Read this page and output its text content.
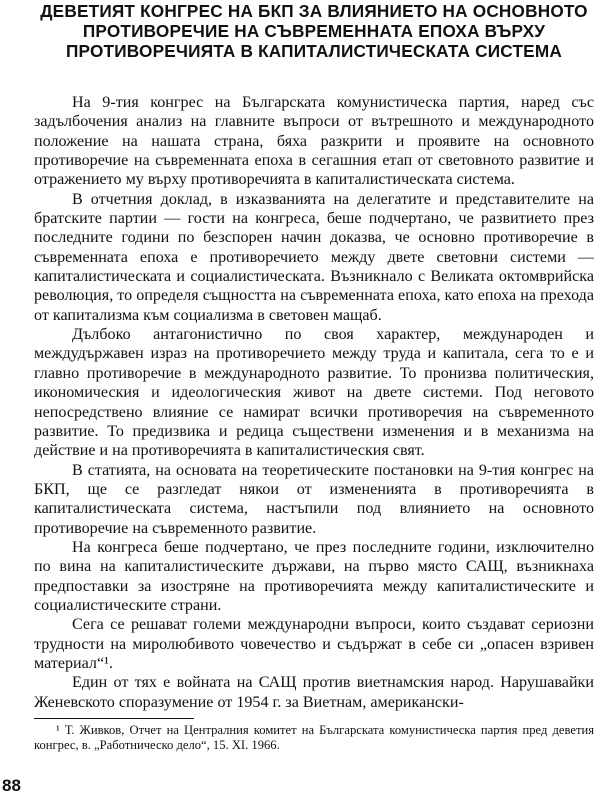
ДЕВЕТИЯТ КОНГРЕС НА БКП ЗА ВЛИЯНИЕТО НА ОСНОВНОТО
ПРОТИВОРЕЧИЕ НА СЪВРЕМЕННАТА ЕПОХА ВЪРХУ
ПРОТИВОРЕЧИЯТА В КАПИТАЛИСТИЧЕСКАТА СИСТЕМА

На 9-тия конгрес на Българската комунистическа партия, наред със задълбочения анализ на главните въпроси от вътрешното и международното положение на нашата страна, бяха разкрити и проявите на основното противоречие на съвременната епоха в сегашния етап от световното развитие и отражението му върху противоречията в капиталистическата система.

В отчетния доклад, в изказванията на делегатите и представителите на братските партии — гости на конгреса, беше подчертано, че развитието през последните години по безспорен начин доказва, че основно противоречие в съвременната епоха е противоречието между двете световни системи — капиталистическата и социалистическата. Възникнало с Великата октомврийска революция, то определя същността на съвременната епоха, като епоха на прехода от капитализма към социализма в световен мащаб.

Дълбоко антагонистично по своя характер, международен и междудържавен израз на противоречието между труда и капитала, сега то е и главно противоречие в международното развитие. То пронизва политическия, икономическия и идеологическия живот на двете системи. Под неговото непосредствено влияние се намират всички противоречия на съвременното развитие. То предизвика и редица съществени изменения и в механизма на действие и на противоречията в капиталистическия свят.

В статията, на основата на теоретическите постановки на 9-тия конгрес на БКП, ще се разгледат някои от измененията в противоречията в капиталистическата система, настъпили под влиянието на основното противоречие на съвременното развитие.

На конгреса беше подчертано, че през последните години, изключително по вина на капиталистическите държави, на първо място САЩ, възникнаха предпоставки за изостряне на противоречията между капиталистическите и социалистическите страни.

Сега се решават големи международни въпроси, които създават сериозни трудности на миролюбивото човечество и съдържат в себе си „опасен взривен материал“¹.

Един от тях е войната на САЩ против виетнамския народ. Нарушавайки Женевското споразумение от 1954 г. за Виетнам, американски-

¹ Т. Живков, Отчет на Централния комитет на Българската комунистическа партия пред деветия конгрес, в. „Работническо дело“, 15. XI. 1966.

88
